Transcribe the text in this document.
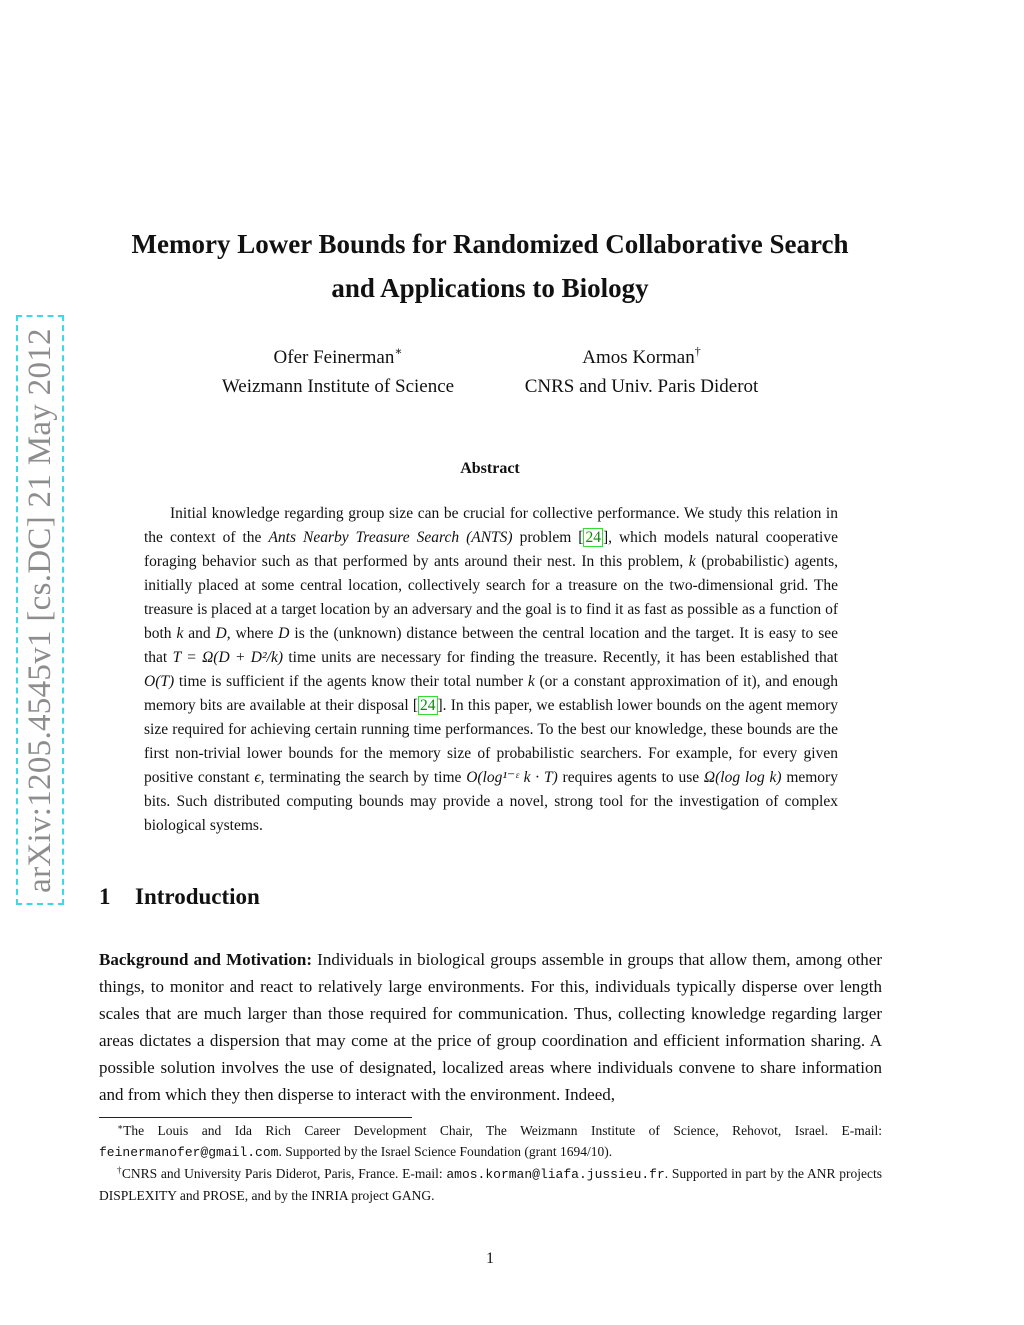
arXiv:1205.4545v1 [cs.DC] 21 May 2012
Memory Lower Bounds for Randomized Collaborative Search
and Applications to Biology
Ofer Feinerman∗
Weizmann Institute of Science
Amos Korman†
CNRS and Univ. Paris Diderot
Abstract

Initial knowledge regarding group size can be crucial for collective performance. We study this relation in the context of the Ants Nearby Treasure Search (ANTS) problem [ 24 ], which models natural cooperative foraging behavior such as that performed by ants around their nest. In this problem, k (probabilistic) agents, initially placed at some central location, collectively search for a treasure on the two-dimensional grid. The treasure is placed at a target location by an adversary and the goal is to find it as fast as possible as a function of both k and D, where D is the (unknown) distance between the central location and the target. It is easy to see that T = Ω(D + D²/k) time units are necessary for finding the treasure. Recently, it has been established that O(T) time is sufficient if the agents know their total number k (or a constant approximation of it), and enough memory bits are available at their disposal [ 24 ]. In this paper, we establish lower bounds on the agent memory size required for achieving certain running time performances. To the best our knowledge, these bounds are the first non-trivial lower bounds for the memory size of probabilistic searchers. For example, for every given positive constant ϵ, terminating the search by time O(log¹⁻ᵋ k · T) requires agents to use Ω(log log k) memory bits. Such distributed computing bounds may provide a novel, strong tool for the investigation of complex biological systems.

1 Introduction

Background and Motivation: Individuals in biological groups assemble in groups that allow them, among other things, to monitor and react to relatively large environments. For this, individuals typically disperse over length scales that are much larger than those required for communication. Thus, collecting knowledge regarding larger areas dictates a dispersion that may come at the price of group coordination and efficient information sharing. A possible solution involves the use of designated, localized areas where individuals convene to share information and from which they then disperse to interact with the environment. Indeed,

∗The Louis and Ida Rich Career Development Chair, The Weizmann Institute of Science, Rehovot, Israel. E-mail: feinermanofer@gmail.com. Supported by the Israel Science Foundation (grant 1694/10).

†CNRS and University Paris Diderot, Paris, France. E-mail: amos.korman@liafa.jussieu.fr. Supported in part by the ANR projects DISPLEXITY and PROSE, and by the INRIA project GANG.

1
